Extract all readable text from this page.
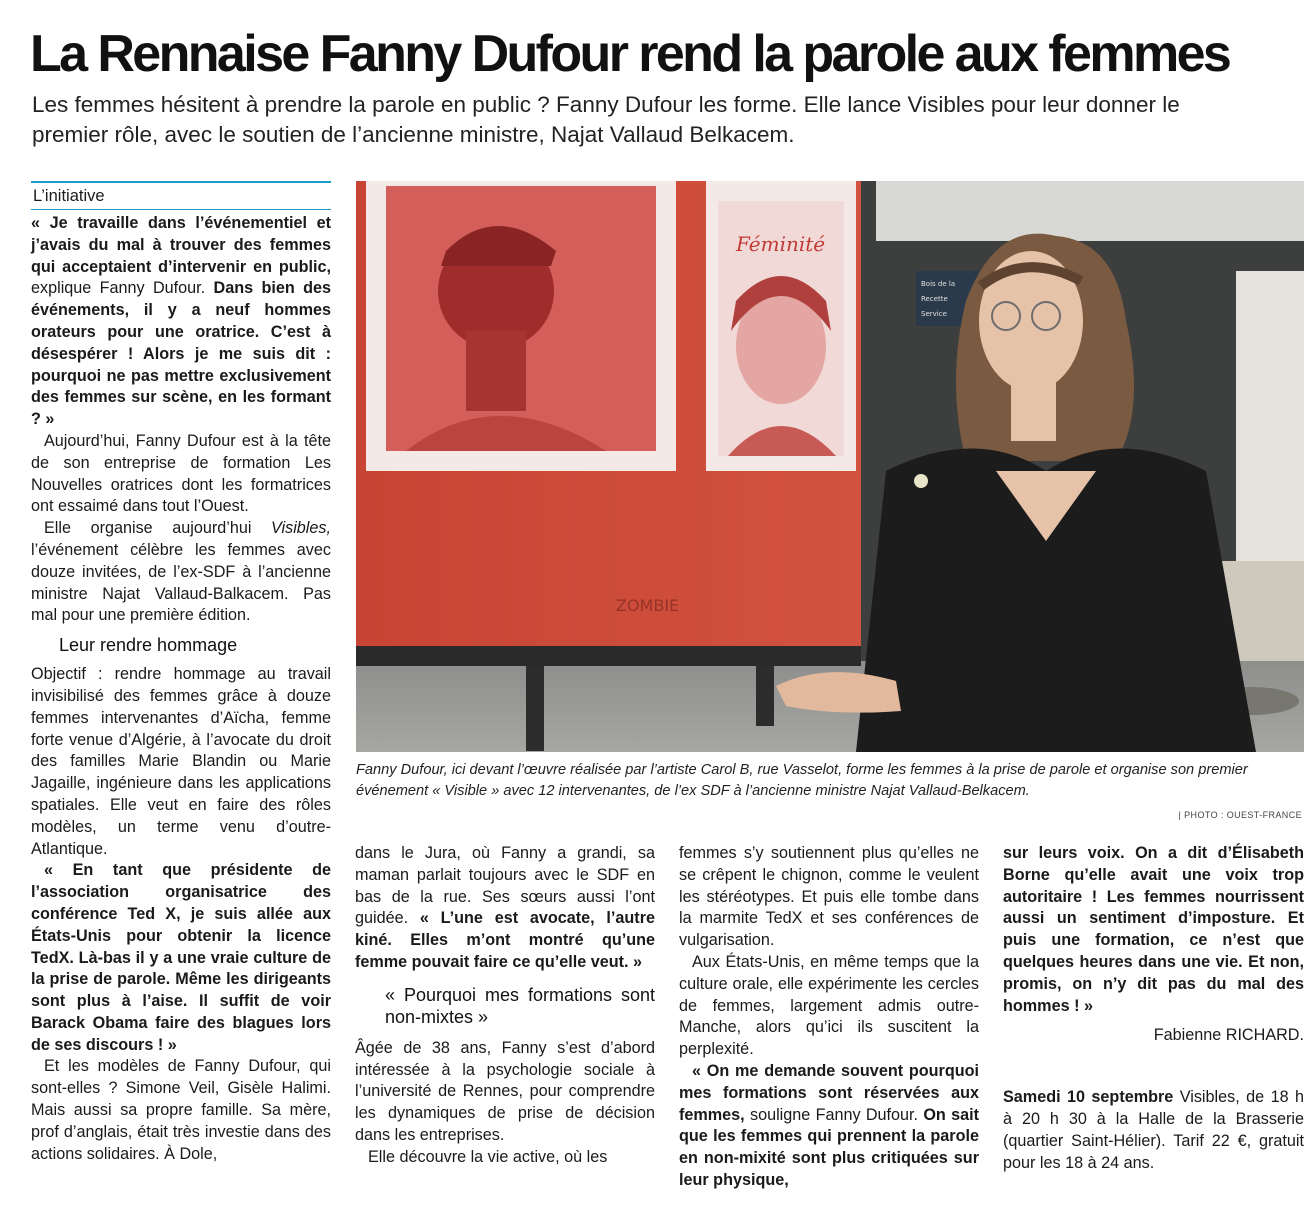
La Rennaise Fanny Dufour rend la parole aux femmes

Les femmes hésitent à prendre la parole en public ? Fanny Dufour les forme. Elle lance Visibles pour leur donner le premier rôle, avec le soutien de l’ancienne ministre, Najat Vallaud Belkacem.

L’initiative

« Je travaille dans l’événementiel et j’avais du mal à trouver des femmes qui acceptaient d’intervenir en public, explique Fanny Dufour. Dans bien des événements, il y a neuf hommes orateurs pour une oratrice. C’est à désespérer ! Alors je me suis dit : pourquoi ne pas mettre exclusivement des femmes sur scène, en les formant ? »

Aujourd’hui, Fanny Dufour est à la tête de son entreprise de formation Les Nouvelles oratrices dont les formatrices ont essaimé dans tout l’Ouest.

Elle organise aujourd’hui Visibles, l’événement célèbre les femmes avec douze invitées, de l’ex-SDF à l’ancienne ministre Najat Vallaud-Balkacem. Pas mal pour une première édition.

Leur rendre hommage

Objectif : rendre hommage au travail invisibilisé des femmes grâce à douze femmes intervenantes d’Aïcha, femme forte venue d’Algérie, à l’avocate du droit des familles Marie Blandin ou Marie Jagaille, ingénieure dans les applications spatiales. Elle veut en faire des rôles modèles, un terme venu d’outre-Atlantique.

« En tant que présidente de l’association organisatrice des conférence Ted X, je suis allée aux États-Unis pour obtenir la licence TedX. Là-bas il y a une vraie culture de la prise de parole. Même les dirigeants sont plus à l’aise. Il suffit de voir Barack Obama faire des blagues lors de ses discours ! »

Et les modèles de Fanny Dufour, qui sont-elles ? Simone Veil, Gisèle Halimi. Mais aussi sa propre famille. Sa mère, prof d’anglais, était très investie dans des actions solidaires. À Dole,

ZOMBIE
Féminité
Bois de la
Recette
Service

Fanny Dufour, ici devant l’œuvre réalisée par l’artiste Carol B, rue Vasselot, forme les femmes à la prise de parole et organise son premier événement « Visible » avec 12 intervenantes, de l’ex SDF à l’ancienne ministre Najat Vallaud-Belkacem.

| PHOTO : OUEST-FRANCE

dans le Jura, où Fanny a grandi, sa maman parlait toujours avec le SDF en bas de la rue. Ses sœurs aussi l’ont guidée. « L’une est avocate, l’autre kiné. Elles m’ont montré qu’une femme pouvait faire ce qu’elle veut. »

« Pourquoi mes formations sont non-mixtes »

Âgée de 38 ans, Fanny s’est d’abord intéressée à la psychologie sociale à l’université de Rennes, pour comprendre les dynamiques de prise de décision dans les entreprises.

Elle découvre la vie active, où les

femmes s’y soutiennent plus qu’elles ne se crêpent le chignon, comme le veulent les stéréotypes. Et puis elle tombe dans la marmite TedX et ses conférences de vulgarisation.

Aux États-Unis, en même temps que la culture orale, elle expérimente les cercles de femmes, largement admis outre-Manche, alors qu’ici ils suscitent la perplexité.

« On me demande souvent pourquoi mes formations sont réservées aux femmes, souligne Fanny Dufour. On sait que les femmes qui prennent la parole en non-mixité sont plus critiquées sur leur physique,

sur leurs voix. On a dit d’Élisabeth Borne qu’elle avait une voix trop autoritaire ! Les femmes nourrissent aussi un sentiment d’imposture. Et puis une formation, ce n’est que quelques heures dans une vie. Et non, promis, on n’y dit pas du mal des hommes ! »

Fabienne RICHARD.

Samedi 10 septembre Visibles, de 18 h à 20 h 30 à la Halle de la Brasserie (quartier Saint-Hélier). Tarif 22 €, gratuit pour les 18 à 24 ans.
